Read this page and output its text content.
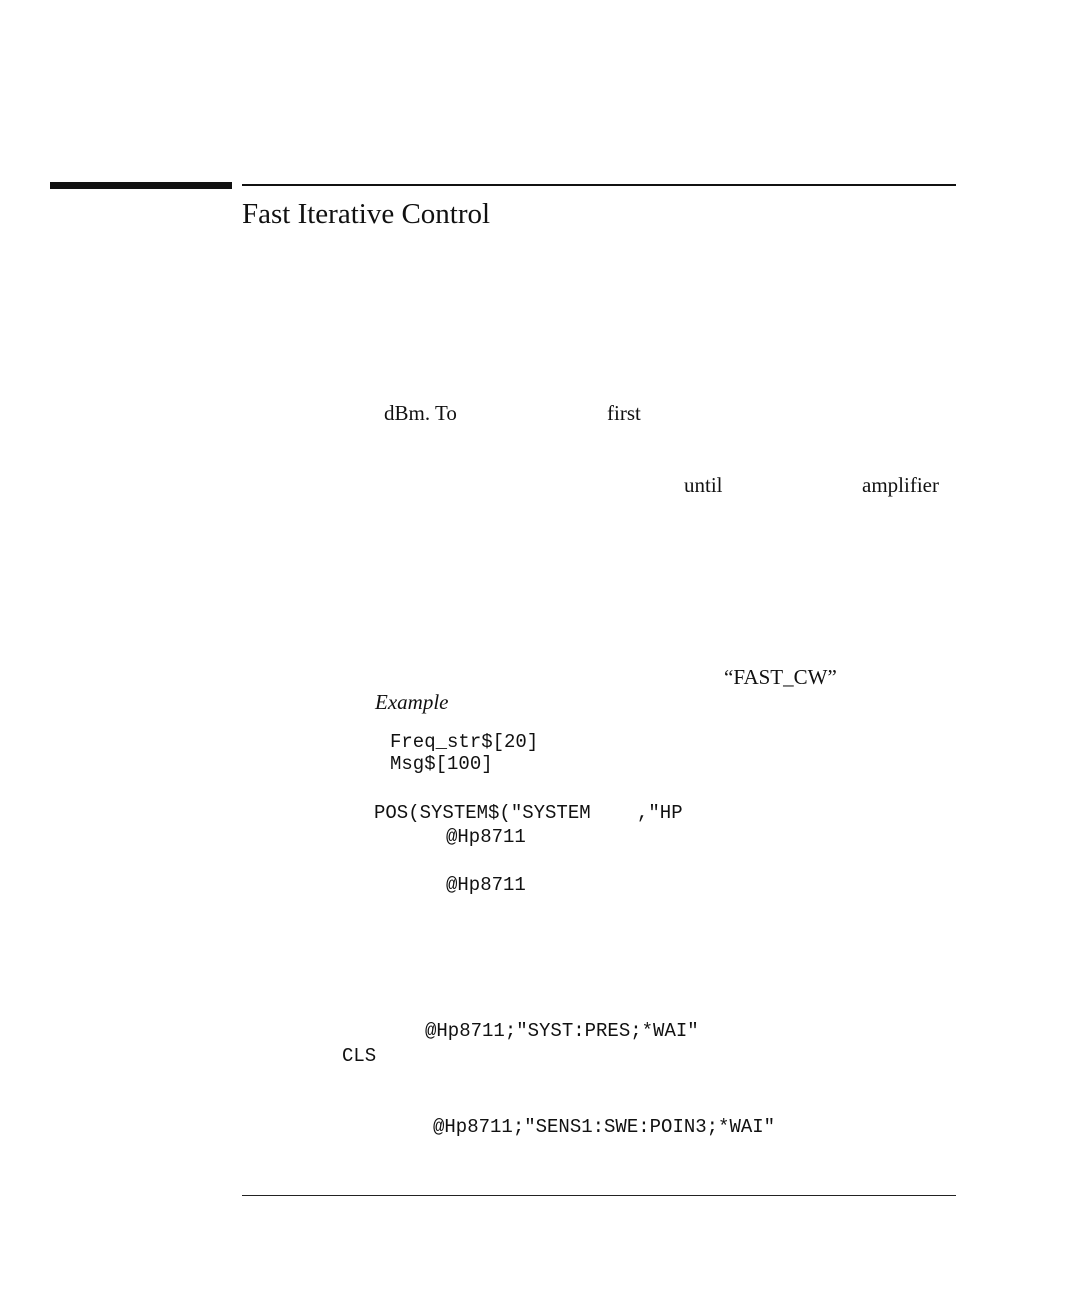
Fast Iterative Control
dBm. To	first
until	amplifier
“FAST_CW”
Example
Freq_str$[20]
Msg$[100]
POS(SYSTEM$("SYSTEM ,"HP
@Hp8711
@Hp8711
@Hp8711;"SYST:PRES;*WAI"
CLS
@Hp8711;"SENS1:SWE:POIN3;*WAI"
